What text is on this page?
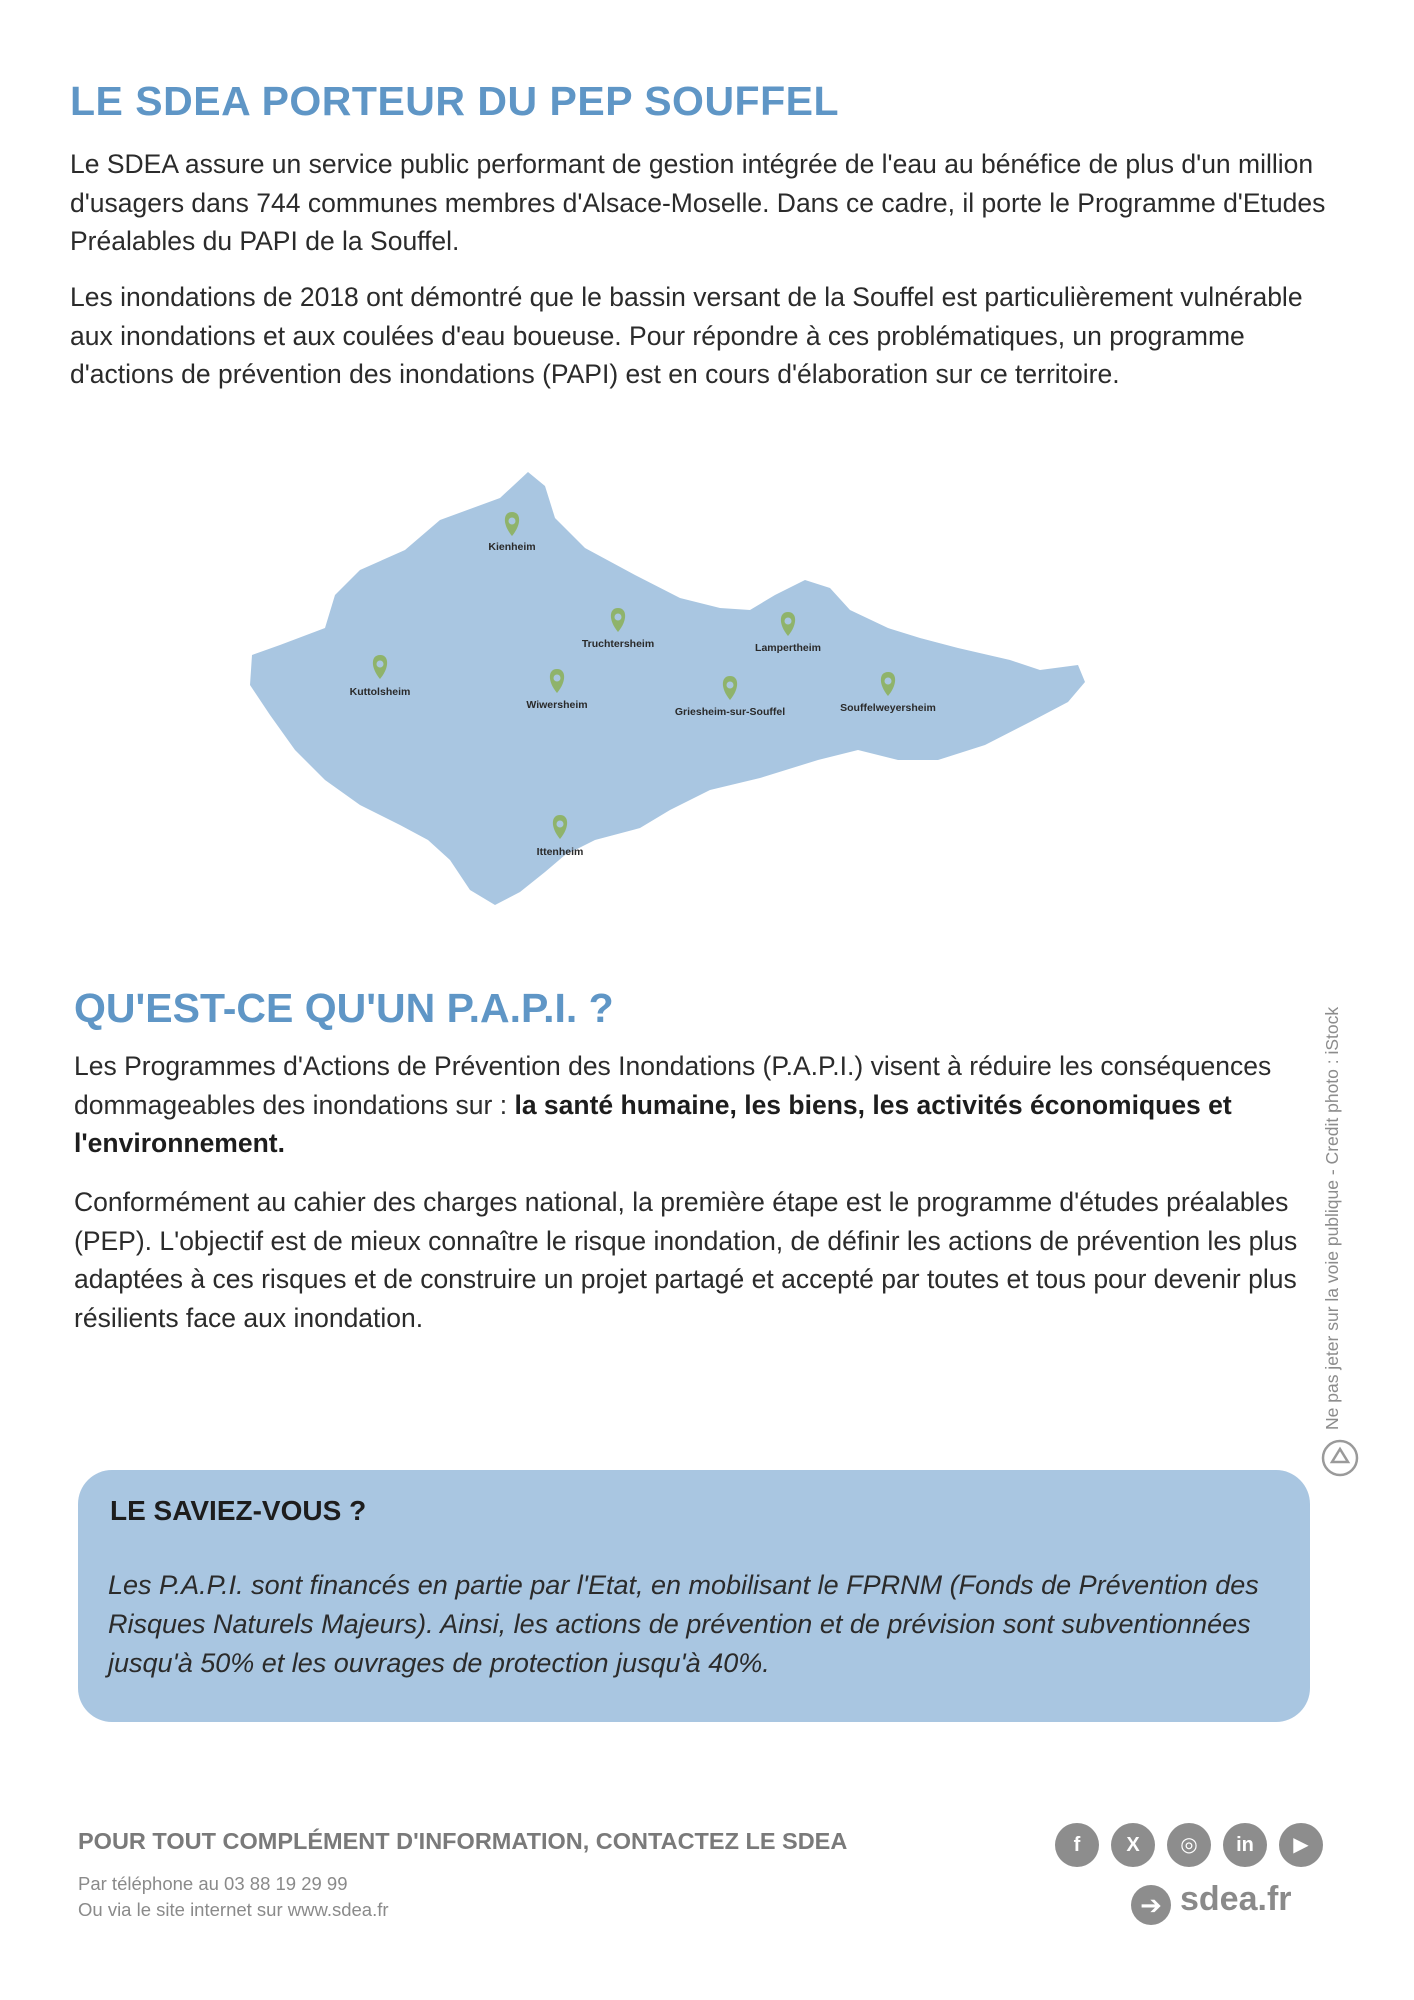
LE SDEA PORTEUR DU PEP SOUFFEL

Le SDEA assure un service public performant de gestion intégrée de l'eau au bénéfice de plus d'un million d'usagers dans 744 communes membres d'Alsace-Moselle. Dans ce cadre, il porte le Programme d'Etudes Préalables du PAPI de la Souffel.

Les inondations de 2018 ont démontré que le bassin versant de la Souffel est particulièrement vulnérable aux inondations et aux coulées d'eau boueuse. Pour répondre à ces problématiques, un programme d'actions de prévention des inondations (PAPI) est en cours d'élaboration sur ce territoire.

Kienheim
Truchtersheim	Lampertheim
Kuttolsheim
Wiwersheim
Griesheim-sur-Souffel	Souffelweyersheim
Ittenheim
QU'EST-CE QU'UN P.A.P.I. ?

Les Programmes d'Actions de Prévention des Inondations (P.A.P.I.) visent à réduire les conséquences dommageables des inondations sur : la santé humaine, les biens, les activités économiques et l'environnement.

Conformément au cahier des charges national, la première étape est le programme d'études préalables (PEP). L'objectif est de mieux connaître le risque inondation, de définir les actions de prévention les plus adaptées à ces risques et de construire un projet partagé et accepté par toutes et tous pour devenir plus résilients face aux inondation.	Ne pas jeter sur la voie publique - Credit photo : iStock
LE SAVIEZ-VOUS ?
Les P.A.P.I. sont financés en partie par l'Etat, en mobilisant le FPRNM (Fonds de Prévention des Risques Naturels Majeurs). Ainsi, les actions de prévention et de prévision sont subventionnées jusqu'à 50% et les ouvrages de protection jusqu'à 40%.
POUR TOUT COMPLÉMENT D'INFORMATION, CONTACTEZ LE SDEA
Par téléphone au 03 88 19 29 99
Ou via le site internet sur www.sdea.fr
f	X	◎	in	▶
➔ sdea.fr
